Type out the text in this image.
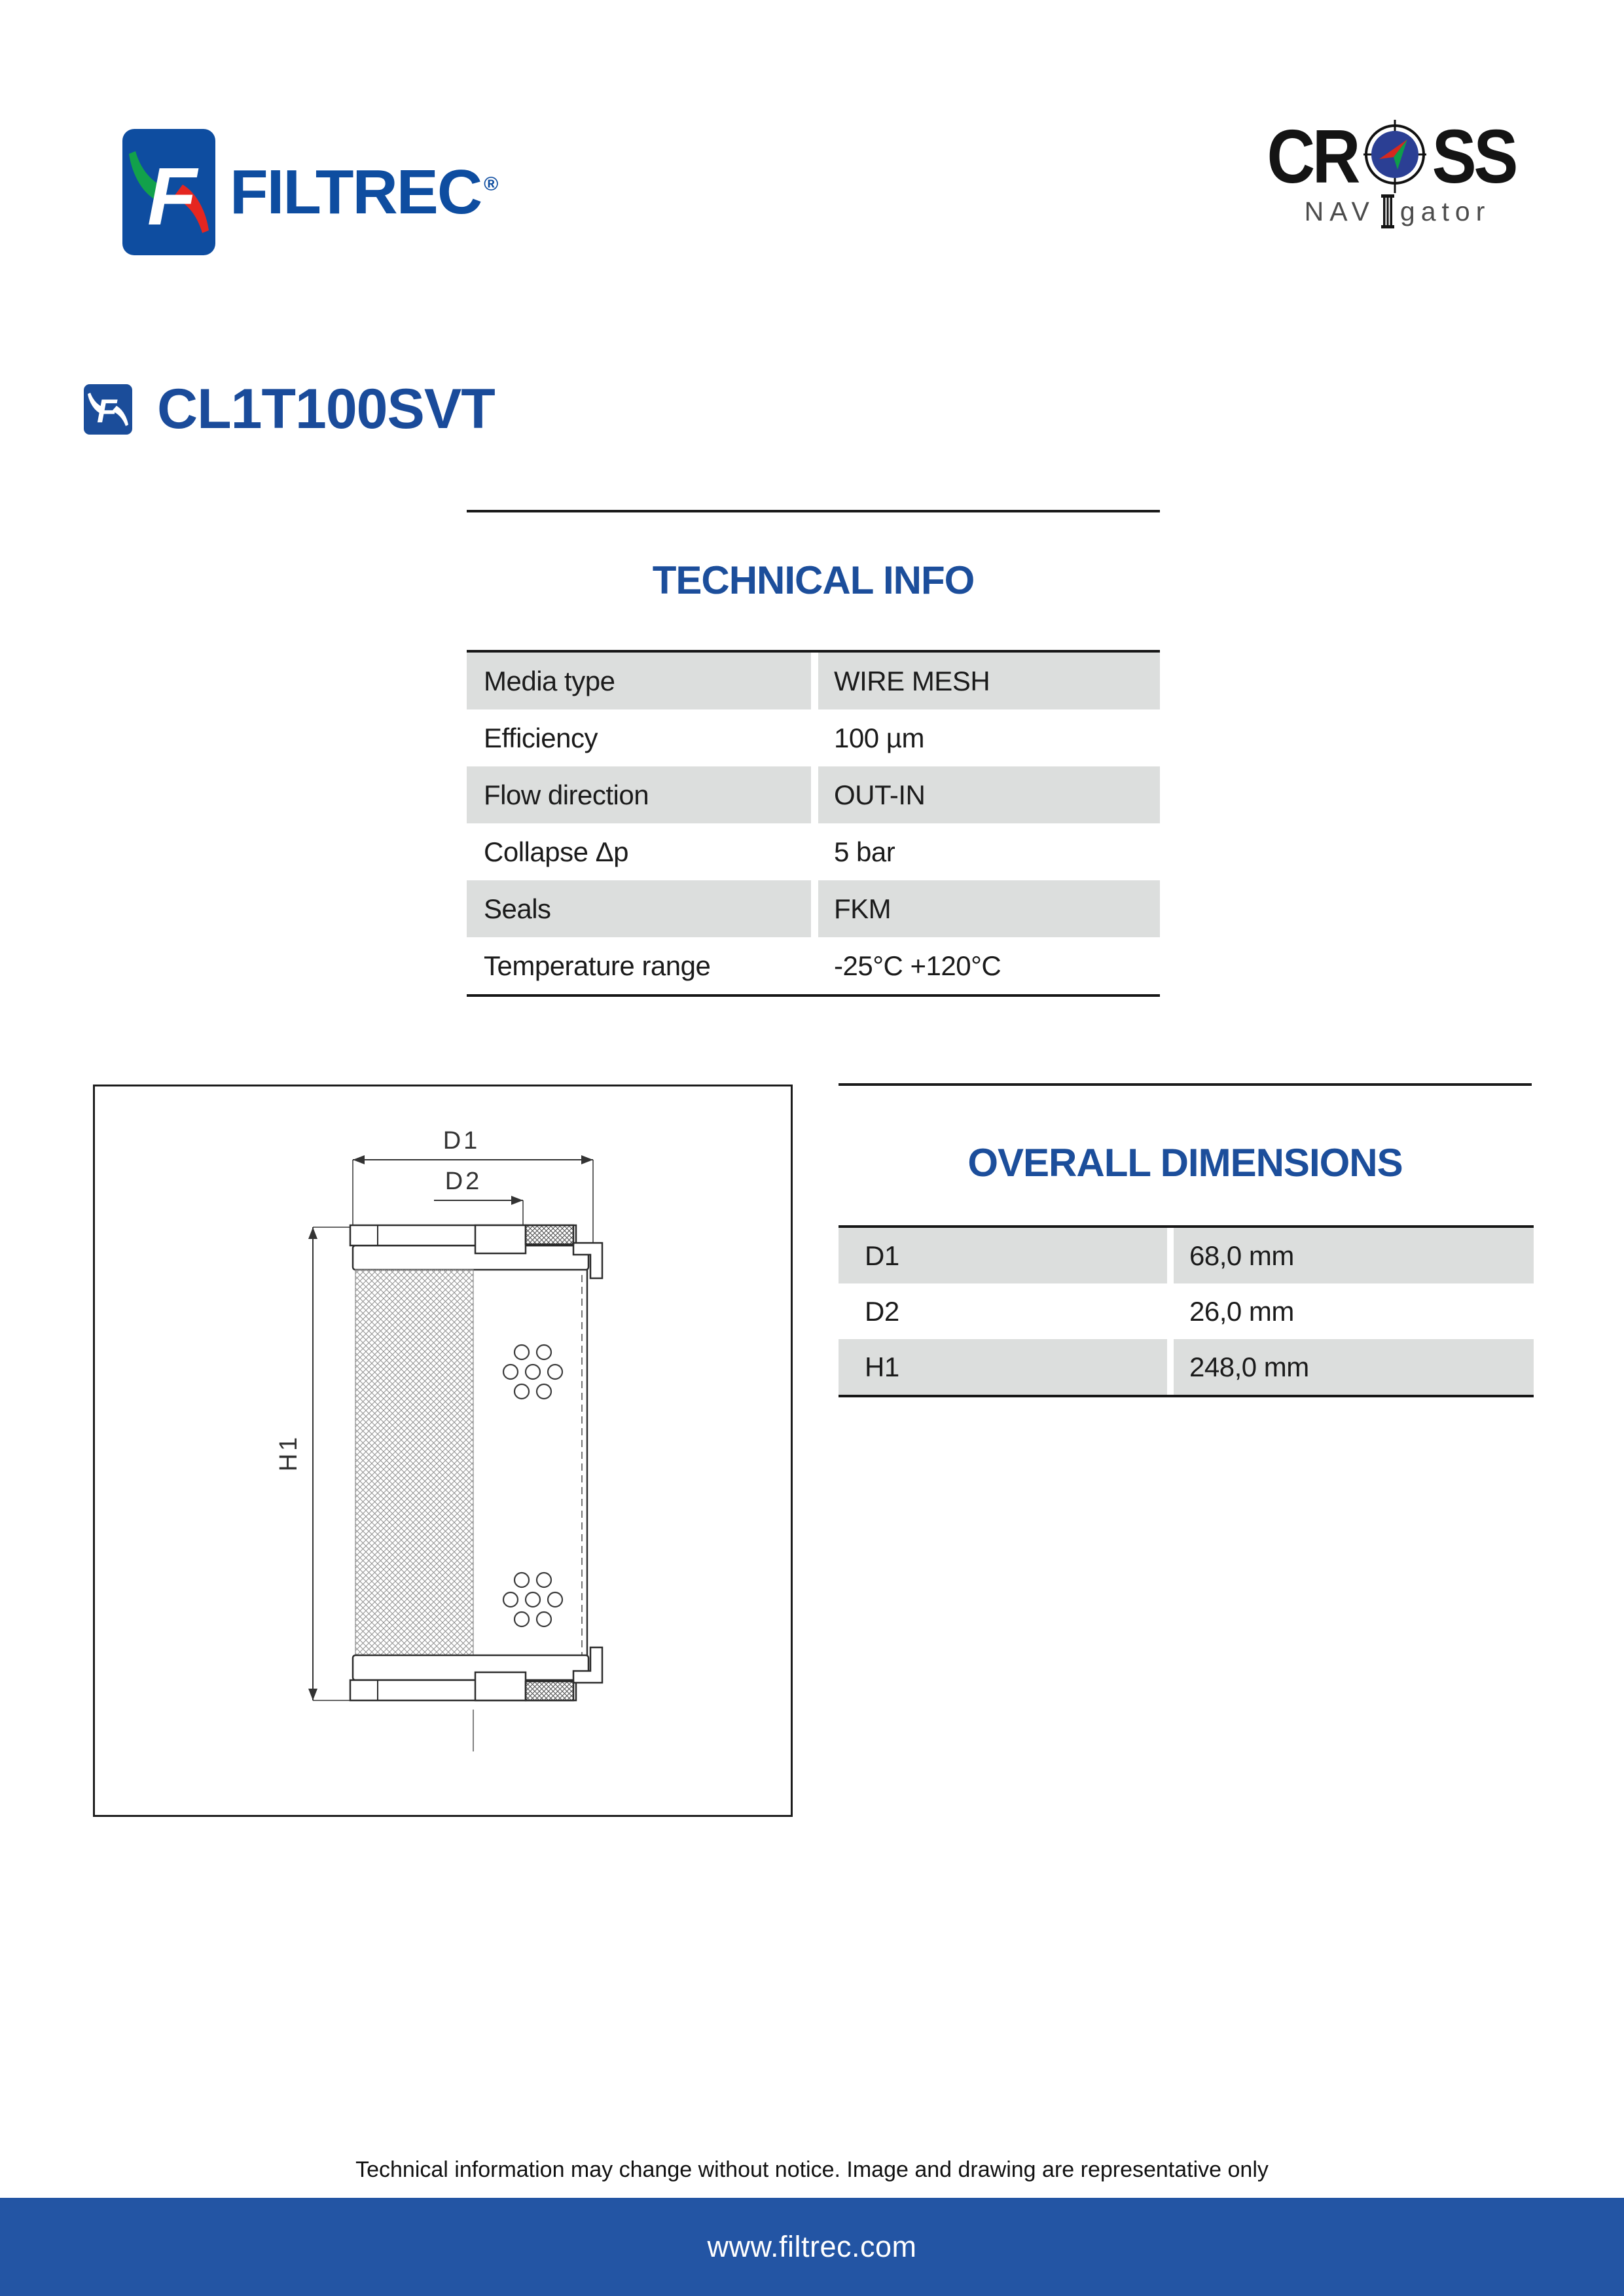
F FILTREC ®	CR SS
NAV gator
F CL1T100SVT
TECHNICAL INFO
Media type	WIRE MESH
Efficiency	100 µm
Flow direction	OUT-IN
Collapse Δp	5 bar
Seals	FKM
Temperature range	-25°C +120°C
D1
D2
H1
OVERALL DIMENSIONS
D1	68,0 mm
D2	26,0 mm
H1	248,0 mm
Technical information may change without notice. Image and drawing are representative only
www.filtrec.com
